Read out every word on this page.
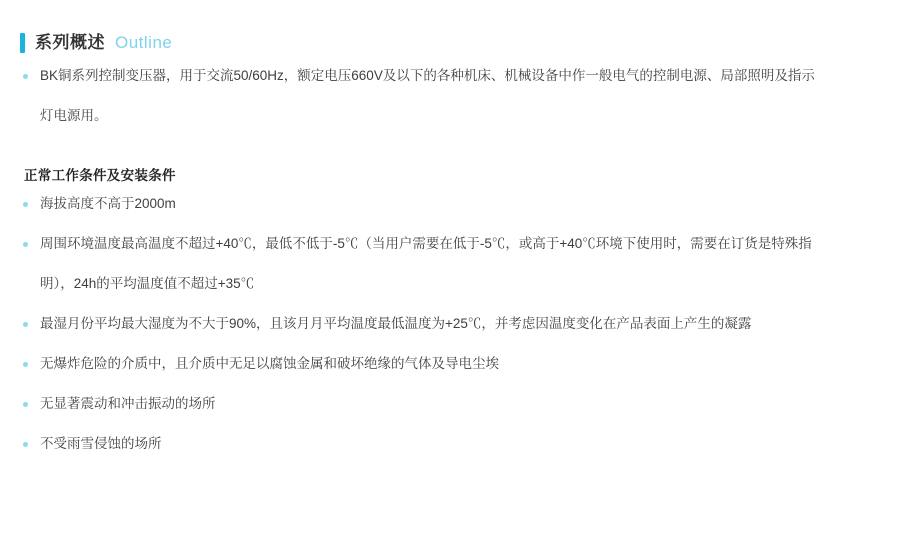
系列概述 Outline
BK铜系列控制变压器，用于交流50/60Hz，额定电压660V及以下的各种机床、机械设备中作一般电气的控制电源、局部照明及指示灯电源用。
正常工作条件及安装条件
海拔高度不高于2000m
周围环境温度最高温度不超过+40℃，最低不低于-5℃（当用户需要在低于-5℃，或高于+40℃环境下使用时，需要在订货是特殊指明），24h的平均温度值不超过+35℃
最湿月份平均最大湿度为不大于90%，且该月月平均温度最低温度为+25℃，并考虑因温度变化在产品表面上产生的凝露
无爆炸危险的介质中，且介质中无足以腐蚀金属和破坏绝缘的气体及导电尘埃
无显著震动和冲击振动的场所
不受雨雪侵蚀的场所
